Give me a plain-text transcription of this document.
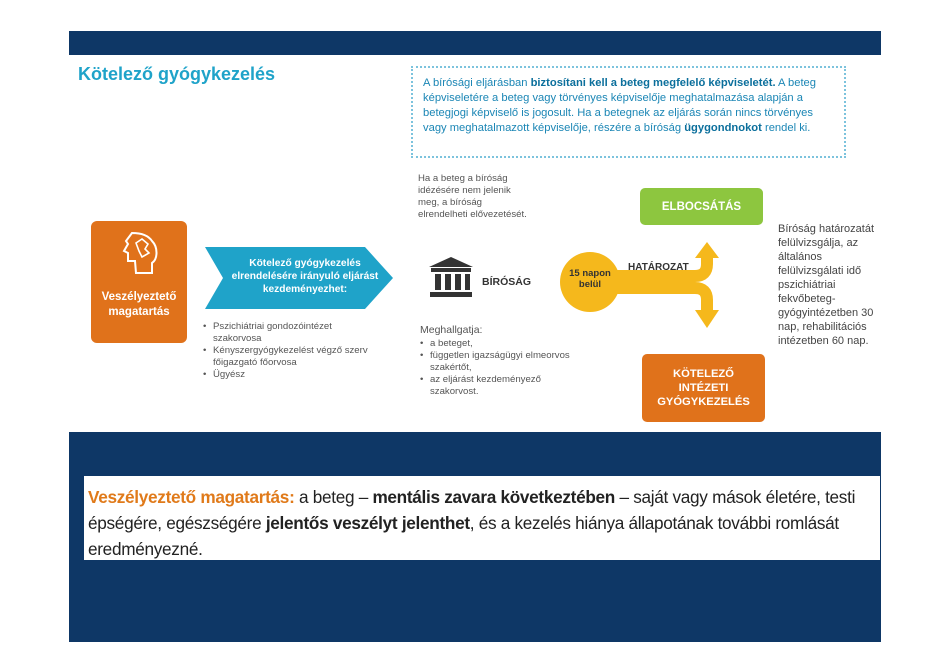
Kötelező gyógykezelés	A bírósági eljárásban biztosítani kell a beteg megfelelő képviseletét. A beteg képviseletére a beteg vagy törvényes képviselője meghatalmazása alapján a betegjogi képviselő is jogosult. Ha a betegnek az eljárás során nincs törvényes vagy meghatalmazott képviselője, részére a bíróság ügygondnokot rendel ki.
Veszélyeztető
magatartás
Kötelező gyógykezelés
elrendelésére irányuló eljárást
kezdeményezhet:
• Pszichiátriai gondozóintézet szakorvosa
• Kényszergyógykezelést végző szerv főigazgató főorvosa
• Ügyész
Ha a beteg a bíróság idézésére nem jelenik meg, a bíróság elrendelheti elővezetését.
BÍRÓSÁG
Meghallgatja:
• a beteget,
• független igazságügyi elmeorvos szakértőt,
• az eljárást kezdeményező szakorvost.
15 napon
belül
HATÁROZAT
ELBOCSÁTÁS
KÖTELEZŐ
INTÉZETI
GYÓGYKEZELÉS
Bíróság határozatát felülvizsgálja, az általános felülvizsgálati idő pszichiátriai fekvőbeteg-gyógyintézetben 30 nap, rehabilitációs intézetben 60 nap.
Veszélyeztető magatartás: a beteg – mentális zavara következtében – saját vagy mások életére, testi épségére, egészségére jelentős veszélyt jelenthet, és a kezelés hiánya állapotának további romlását eredményezné.
